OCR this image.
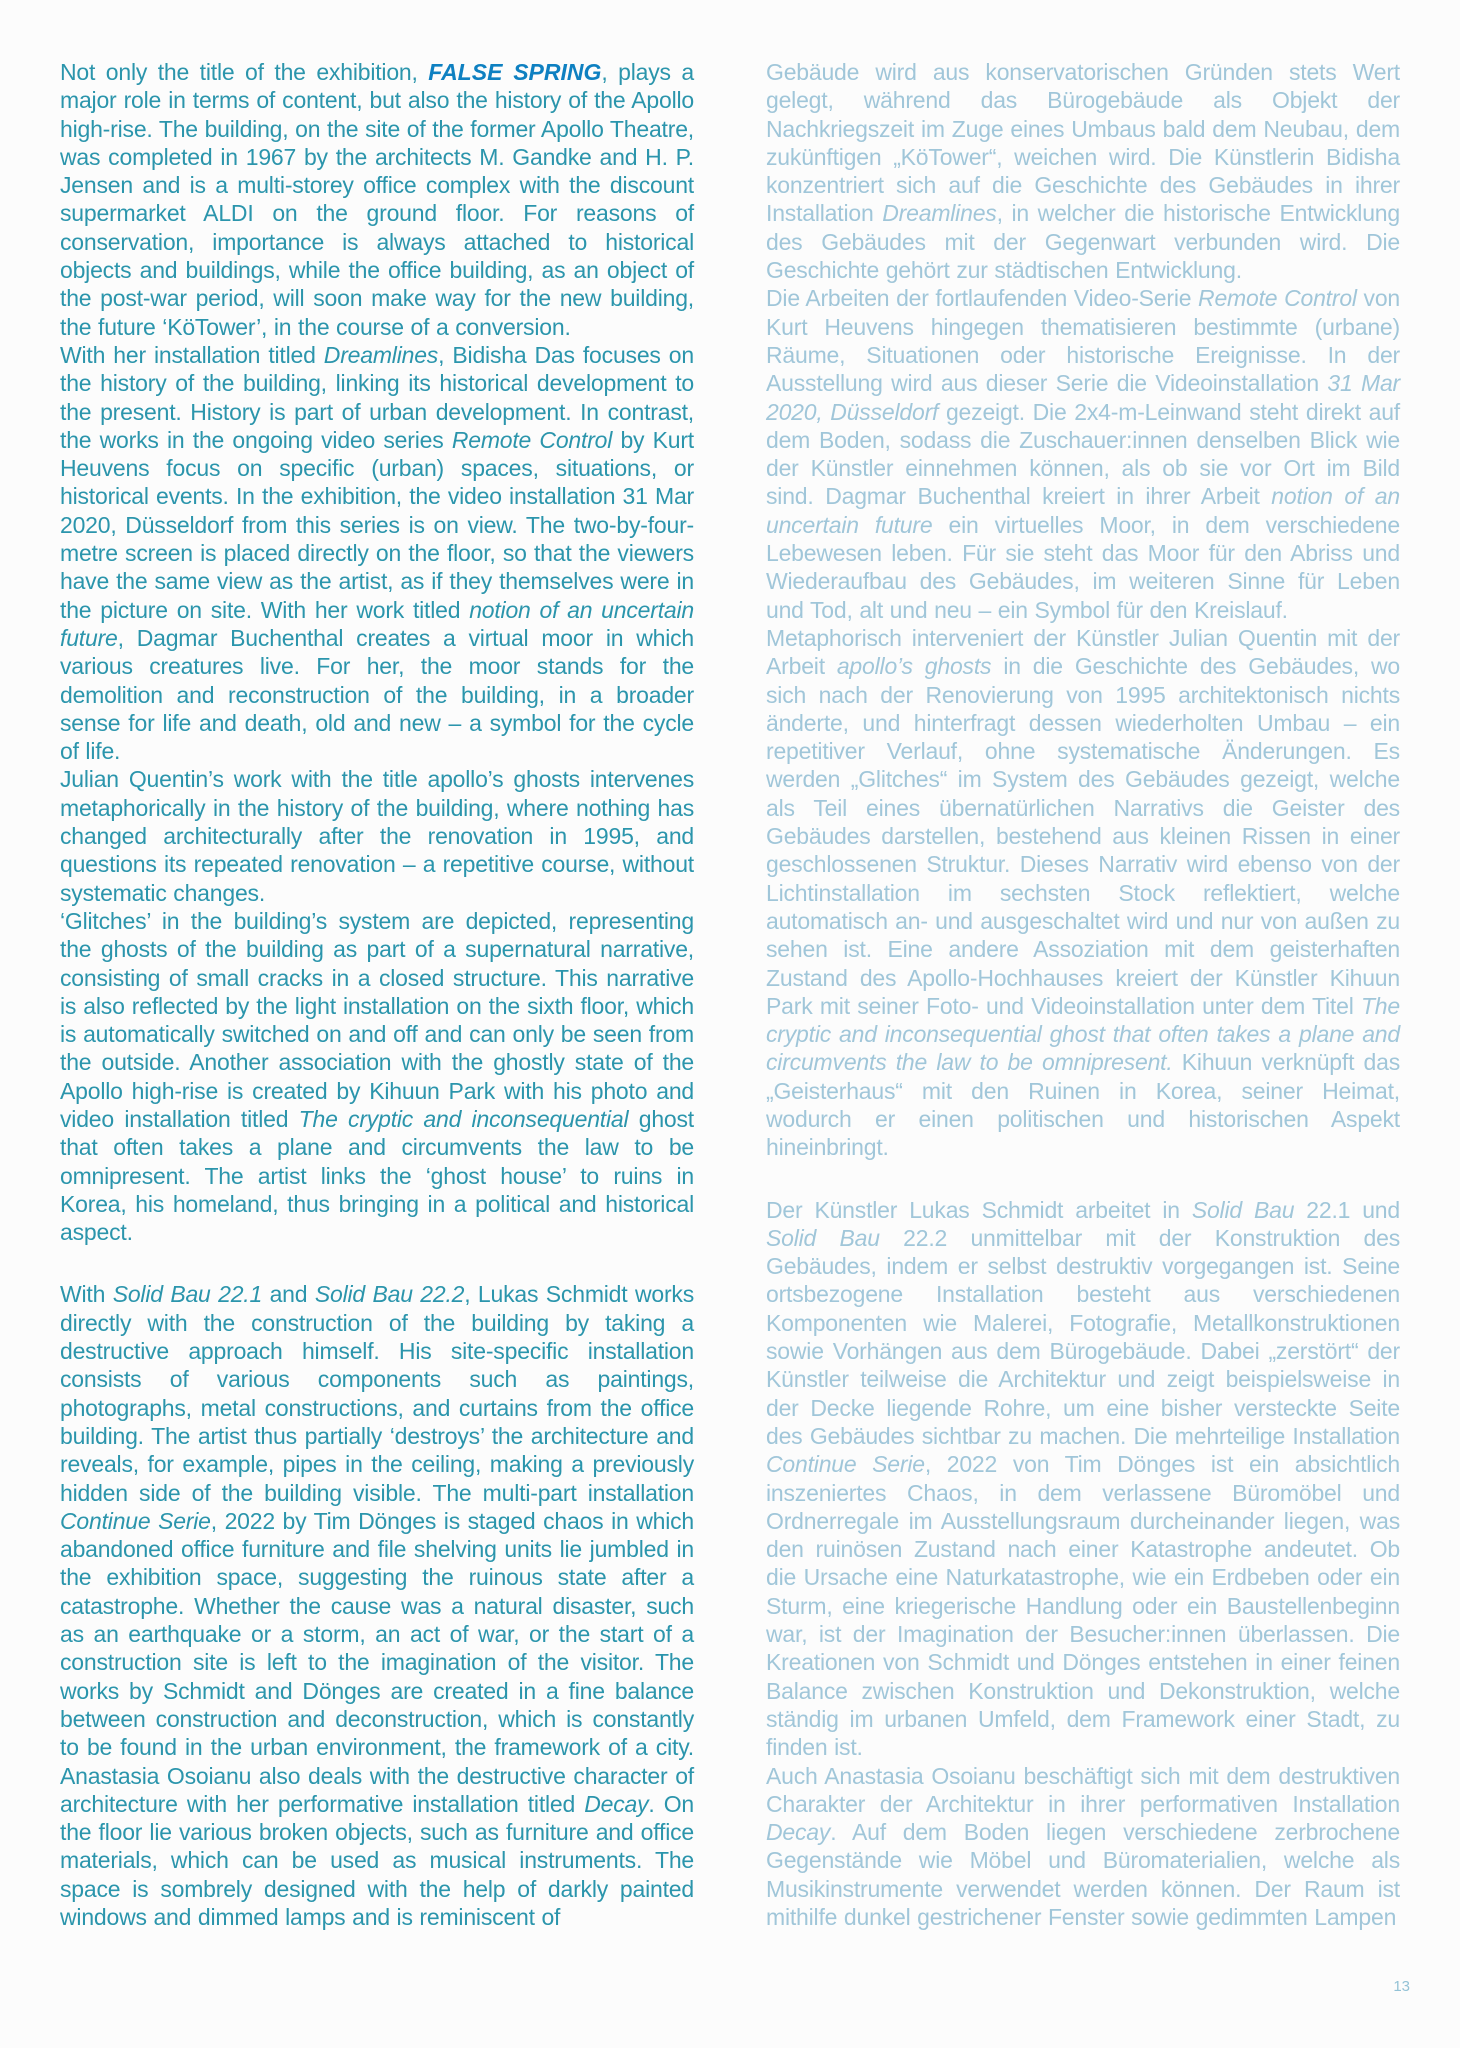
Not only the title of the exhibition, FALSE SPRING, plays a major role in terms of content, but also the history of the Apollo high-rise. The building, on the site of the former Apollo Theatre, was completed in 1967 by the architects M. Gandke and H. P. Jensen and is a multi-storey office complex with the discount supermarket ALDI on the ground floor. For reasons of conservation, importance is always attached to historical objects and buildings, while the office building, as an object of the post-war period, will soon make way for the new building, the future ‘KöTower’, in the course of a conversion.

With her installation titled Dreamlines, Bidisha Das focuses on the history of the building, linking its historical development to the present. History is part of urban development. In contrast, the works in the ongoing video series Remote Control by Kurt Heuvens focus on specific (urban) spaces, situations, or historical events. In the exhibition, the video installation 31 Mar 2020, Düsseldorf from this series is on view. The two-by-four-metre screen is placed directly on the floor, so that the viewers have the same view as the artist, as if they themselves were in the picture on site. With her work titled notion of an uncertain future, Dagmar Buchenthal creates a virtual moor in which various creatures live. For her, the moor stands for the demolition and reconstruction of the building, in a broader sense for life and death, old and new – a symbol for the cycle of life.

Julian Quentin’s work with the title apollo’s ghosts intervenes metaphorically in the history of the building, where nothing has changed architecturally after the renovation in 1995, and questions its repeated renovation – a repetitive course, without systematic changes.

‘Glitches’ in the building’s system are depicted, representing the ghosts of the building as part of a supernatural narrative, consisting of small cracks in a closed structure. This narrative is also reflected by the light installation on the sixth floor, which is automatically switched on and off and can only be seen from the outside. Another association with the ghostly state of the Apollo high-rise is created by Kihuun Park with his photo and video installation titled The cryptic and inconsequential ghost that often takes a plane and circumvents the law to be omnipresent. The artist links the ‘ghost house’ to ruins in Korea, his homeland, thus bringing in a political and historical aspect.

With Solid Bau 22.1 and Solid Bau 22.2, Lukas Schmidt works directly with the construction of the building by taking a destructive approach himself. His site-specific installation consists of various components such as paintings, photographs, metal constructions, and curtains from the office building. The artist thus partially ‘destroys’ the architecture and reveals, for example, pipes in the ceiling, making a previously hidden side of the building visible. The multi-part installation Continue Serie, 2022 by Tim Dönges is staged chaos in which abandoned office furniture and file shelving units lie jumbled in the exhibition space, suggesting the ruinous state after a catastrophe. Whether the cause was a natural disaster, such as an earthquake or a storm, an act of war, or the start of a construction site is left to the imagination of the visitor. The works by Schmidt and Dönges are created in a fine balance between construction and deconstruction, which is constantly to be found in the urban environment, the framework of a city. Anastasia Osoianu also deals with the destructive character of architecture with her performative installation titled Decay. On the floor lie various broken objects, such as furniture and office materials, which can be used as musical instruments. The space is sombrely designed with the help of darkly painted windows and dimmed lamps and is reminiscent of

Gebäude wird aus konservatorischen Gründen stets Wert gelegt, während das Bürogebäude als Objekt der Nachkriegszeit im Zuge eines Umbaus bald dem Neubau, dem zukünftigen „KöTower“, weichen wird. Die Künstlerin Bidisha konzentriert sich auf die Geschichte des Gebäudes in ihrer Installation Dreamlines, in welcher die historische Entwicklung des Gebäudes mit der Gegenwart verbunden wird. Die Geschichte gehört zur städtischen Entwicklung.

Die Arbeiten der fortlaufenden Video-Serie Remote Control von Kurt Heuvens hingegen thematisieren bestimmte (urbane) Räume, Situationen oder historische Ereignisse. In der Ausstellung wird aus dieser Serie die Videoinstallation 31 Mar 2020, Düsseldorf gezeigt. Die 2x4-m-Leinwand steht direkt auf dem Boden, sodass die Zuschauer:innen denselben Blick wie der Künstler einnehmen können, als ob sie vor Ort im Bild sind. Dagmar Buchenthal kreiert in ihrer Arbeit notion of an uncertain future ein virtuelles Moor, in dem verschiedene Lebewesen leben. Für sie steht das Moor für den Abriss und Wiederaufbau des Gebäudes, im weiteren Sinne für Leben und Tod, alt und neu – ein Symbol für den Kreislauf.

Metaphorisch interveniert der Künstler Julian Quentin mit der Arbeit apollo’s ghosts in die Geschichte des Gebäudes, wo sich nach der Renovierung von 1995 architektonisch nichts änderte, und hinterfragt dessen wiederholten Umbau – ein repetitiver Verlauf, ohne systematische Änderungen. Es werden „Glitches“ im System des Gebäudes gezeigt, welche als Teil eines übernatürlichen Narrativs die Geister des Gebäudes darstellen, bestehend aus kleinen Rissen in einer geschlossenen Struktur. Dieses Narrativ wird ebenso von der Lichtinstallation im sechsten Stock reflektiert, welche automatisch an- und ausgeschaltet wird und nur von außen zu sehen ist. Eine andere Assoziation mit dem geisterhaften Zustand des Apollo-Hochhauses kreiert der Künstler Kihuun Park mit seiner Foto- und Videoinstallation unter dem Titel The cryptic and inconsequential ghost that often takes a plane and circumvents the law to be omnipresent. Kihuun verknüpft das „Geisterhaus“ mit den Ruinen in Korea, seiner Heimat, wodurch er einen politischen und historischen Aspekt hineinbringt.

Der Künstler Lukas Schmidt arbeitet in Solid Bau 22.1 und Solid Bau 22.2 unmittelbar mit der Konstruktion des Gebäudes, indem er selbst destruktiv vorgegangen ist. Seine ortsbezogene Installation besteht aus verschiedenen Komponenten wie Malerei, Fotografie, Metallkonstruktionen sowie Vorhängen aus dem Bürogebäude. Dabei „zerstört“ der Künstler teilweise die Architektur und zeigt beispielsweise in der Decke liegende Rohre, um eine bisher versteckte Seite des Gebäudes sichtbar zu machen. Die mehrteilige Installation Continue Serie, 2022 von Tim Dönges ist ein absichtlich inszeniertes Chaos, in dem verlassene Büromöbel und Ordnerregale im Ausstellungsraum durcheinander liegen, was den ruinösen Zustand nach einer Katastrophe andeutet. Ob die Ursache eine Naturkatastrophe, wie ein Erdbeben oder ein Sturm, eine kriegerische Handlung oder ein Baustellenbeginn war, ist der Imagination der Besucher:innen überlassen. Die Kreationen von Schmidt und Dönges entstehen in einer feinen Balance zwischen Konstruktion und Dekonstruktion, welche ständig im urbanen Umfeld, dem Framework einer Stadt, zu finden ist.

Auch Anastasia Osoianu beschäftigt sich mit dem destruktiven Charakter der Architektur in ihrer performativen Installation Decay. Auf dem Boden liegen verschiedene zerbrochene Gegenstände wie Möbel und Büromaterialien, welche als Musikinstrumente verwendet werden können. Der Raum ist mithilfe dunkel gestrichener Fenster sowie gedimmten Lampen

13
